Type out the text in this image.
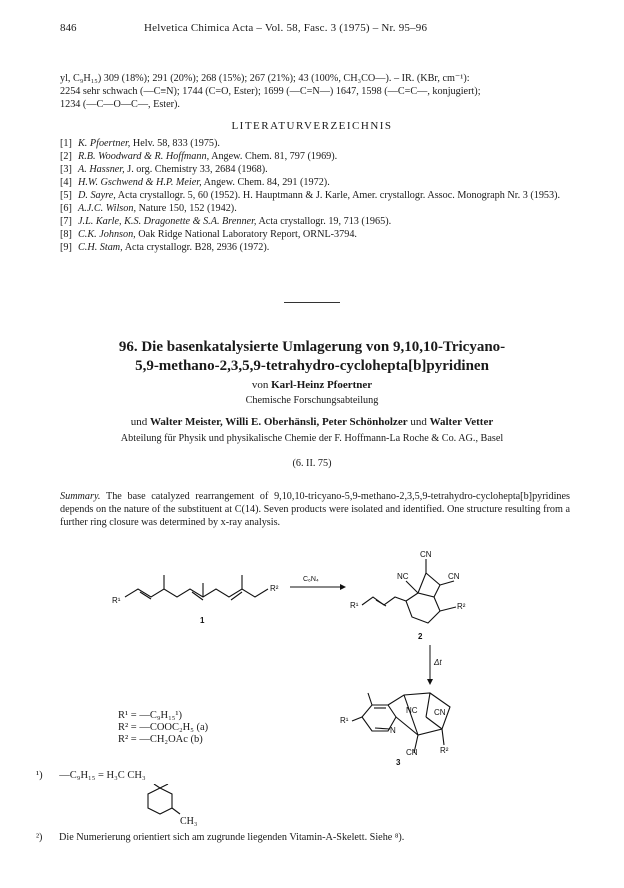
846	Helvetica Chimica Acta – Vol. 58, Fasc. 3 (1975) – Nr. 95–96
yl, C₉H₁₅) 309 (18%); 291 (20%); 268 (15%); 267 (21%); 43 (100%, CH₃CO—). – IR. (KBr, cm⁻¹):
2254 sehr schwach (—C≡N); 1744 (C=O, Ester); 1699 (—C=N—) 1647, 1598 (—C=C—, konjugiert);
1234 (—C—O—C—, Ester).
LITERATURVERZEICHNIS
[1] K. Pfoertner, Helv. 58, 833 (1975).
[2] R.B. Woodward & R. Hoffmann, Angew. Chem. 81, 797 (1969).
[3] A. Hassner, J. org. Chemistry 33, 2684 (1968).
[4] H.W. Gschwend & H.P. Meier, Angew. Chem. 84, 291 (1972).
[5] D. Sayre, Acta crystallogr. 5, 60 (1952). H. Hauptmann & J. Karle, Amer. crystallogr. Assoc. Monograph Nr. 3 (1953).
[6] A.J.C. Wilson, Nature 150, 152 (1942).
[7] J.L. Karle, K.S. Dragonette & S.A. Brenner, Acta crystallogr. 19, 713 (1965).
[8] C.K. Johnson, Oak Ridge National Laboratory Report, ORNL-3794.
[9] C.H. Stam, Acta crystallogr. B28, 2936 (1972).
96. Die basenkatalysierte Umlagerung von 9,10,10-Tricyano-
5,9-methano-2,3,5,9-tetrahydro-cyclohepta[b]pyridinen
von Karl-Heinz Pfoertner
Chemische Forschungsabteilung
und Walter Meister, Willi E. Oberhänsli, Peter Schönholzer und Walter Vetter
Abteilung für Physik und physikalische Chemie der F. Hoffmann-La Roche & Co. AG., Basel
(6. II. 75)
Summary. The base catalyzed rearrangement of 9,10,10-tricyano-5,9-methano-2,3,5,9-tetrahydro-cyclohepta[b]pyridines depends on the nature of the substituent at C(14). Seven products were isolated and identified. One structure resulting from a further ring closure was determined by x-ray analysis.
R¹
R²
1
C₆N₄
CN
NC	CN
R²
R¹
2
Δt
R¹
N
NC CN
CN	R²
3
R¹ = —C₉H₁₅¹)
R² = —COOC₂H₅ (a)
R² = —CH₂OAc (b)
¹) —C₉H₁₅ = H₃C CH₃
CH₃
²) Die Numerierung orientiert sich am zugrunde liegenden Vitamin-A-Skelett. Siehe ⁸).
